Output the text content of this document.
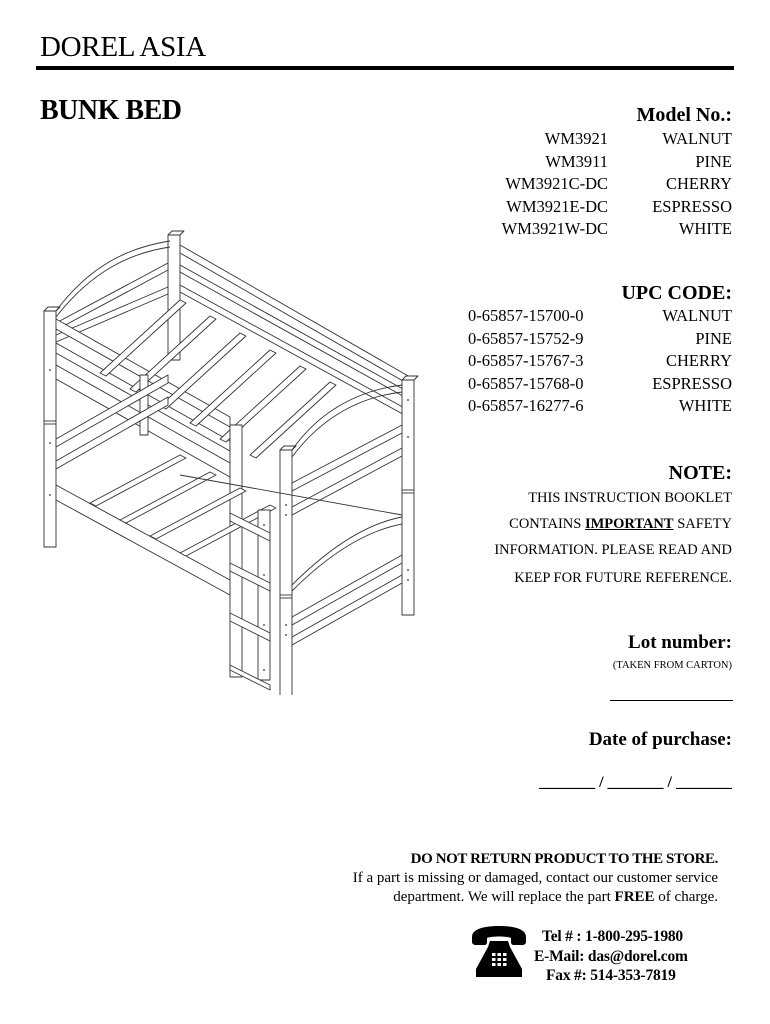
DOREL ASIA
BUNK BED	Model No.:
WM3921	WALNUT
WM3911	PINE
WM3921C-DC	CHERRY
WM3921E-DC	ESPRESSO
WM3921W-DC	WHITE
UPC CODE:
0-65857-15700-0	WALNUT
0-65857-15752-9	PINE
0-65857-15767-3	CHERRY
0-65857-15768-0	ESPRESSO
0-65857-16277-6	WHITE
NOTE:
THIS INSTRUCTION BOOKLET
CONTAINS IMPORTANT SAFETY
INFORMATION. PLEASE READ AND
KEEP FOR FUTURE REFERENCE.
Lot number:
(TAKEN FROM CARTON)
Date of purchase:
_______ / _______ / _______
DO NOT RETURN PRODUCT TO THE STORE.
If a part is missing or damaged, contact our customer service
department. We will replace the part FREE of charge.
Tel # : 1-800-295-1980
E-Mail: das@dorel.com
Fax #: 514-353-7819
